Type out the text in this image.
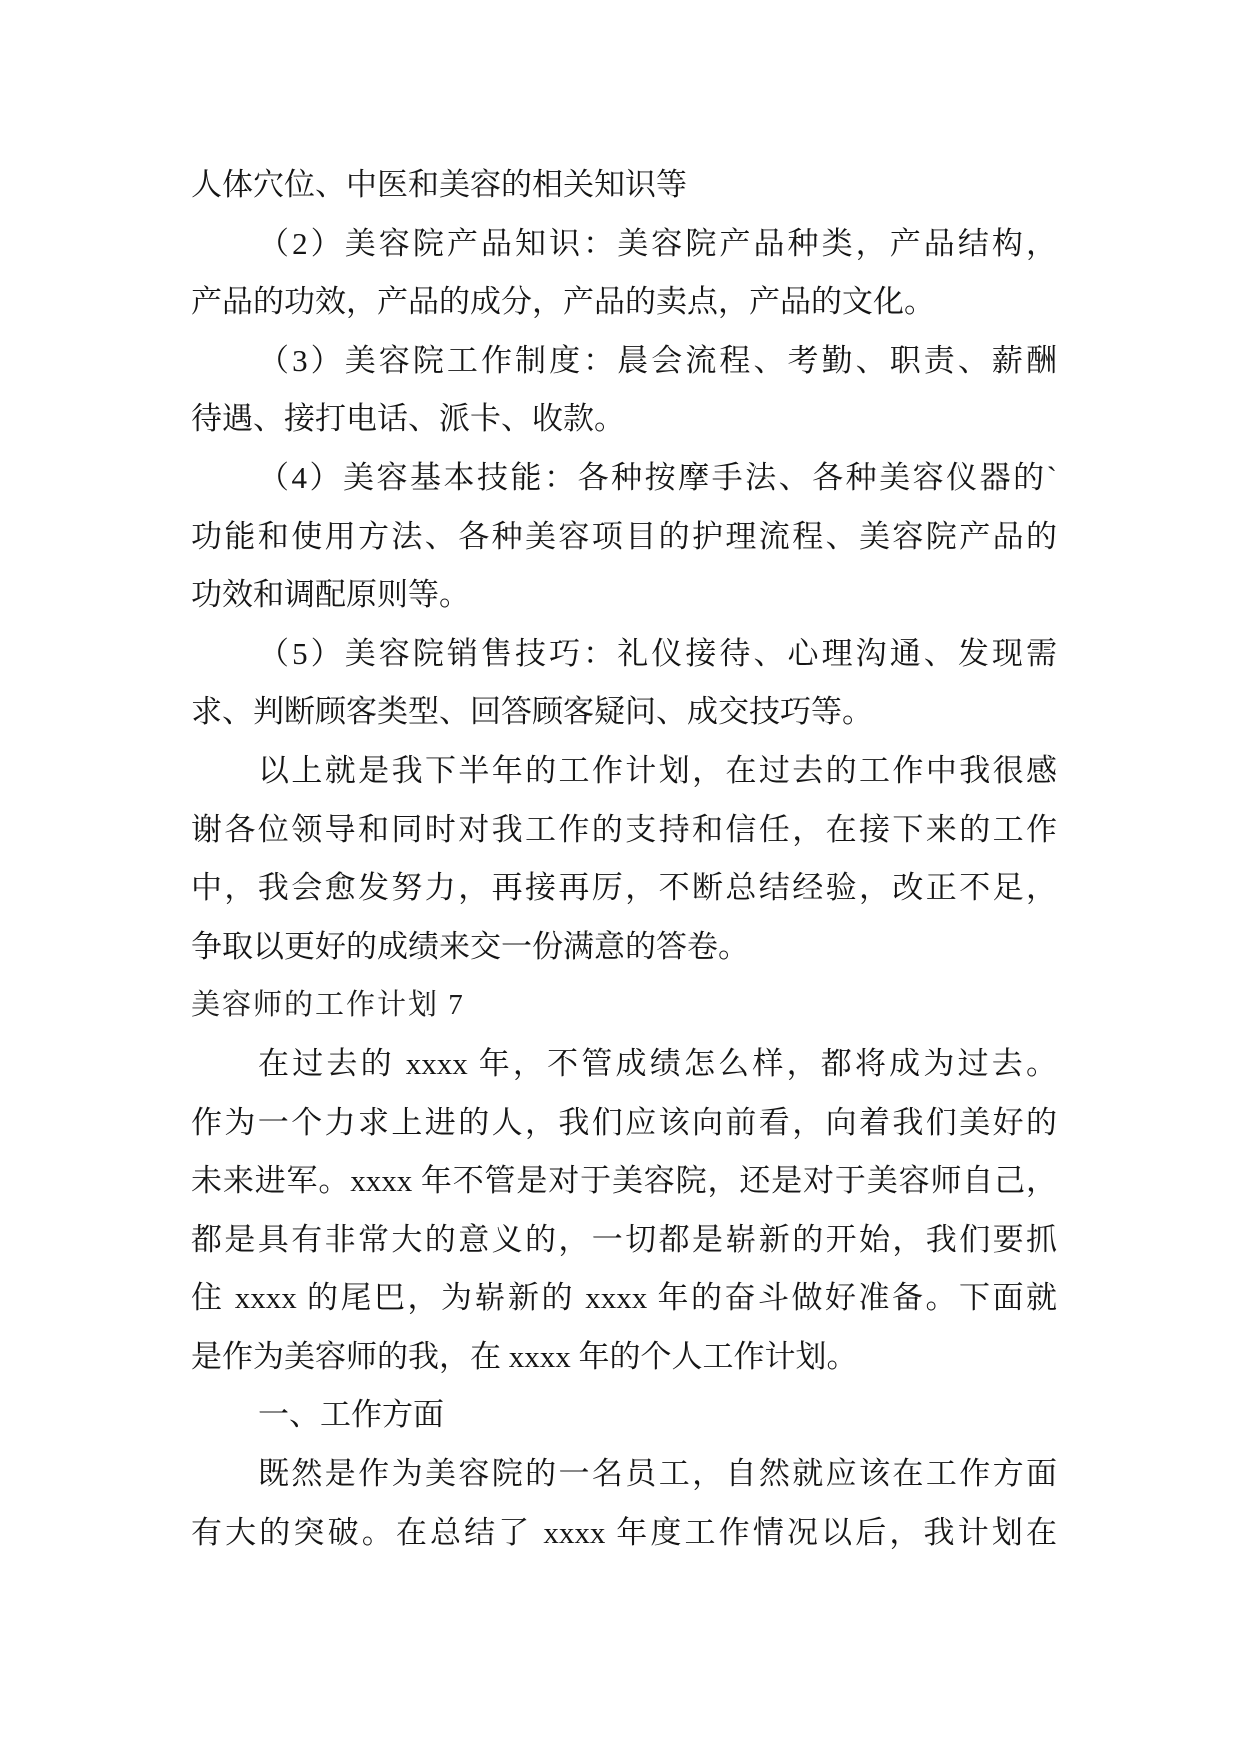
人体穴位、中医和美容的相关知识等
（2）美容院产品知识：美容院产品种类，产品结构，
产品的功效，产品的成分，产品的卖点，产品的文化。
（3）美容院工作制度：晨会流程、考勤、职责、薪酬
待遇、接打电话、派卡、收款。
（4）美容基本技能：各种按摩手法、各种美容仪器的`
功能和使用方法、各种美容项目的护理流程、美容院产品的
功效和调配原则等。
（5）美容院销售技巧：礼仪接待、心理沟通、发现需
求、判断顾客类型、回答顾客疑问、成交技巧等。
以上就是我下半年的工作计划，在过去的工作中我很感
谢各位领导和同时对我工作的支持和信任，在接下来的工作
中，我会愈发努力，再接再厉，不断总结经验，改正不足，
争取以更好的成绩来交一份满意的答卷。
美容师的工作计划 7
在过去的 xxxx 年，不管成绩怎么样，都将成为过去。
作为一个力求上进的人，我们应该向前看，向着我们美好的
未来进军。xxxx 年不管是对于美容院，还是对于美容师自己，
都是具有非常大的意义的，一切都是崭新的开始，我们要抓
住 xxxx 的尾巴，为崭新的 xxxx 年的奋斗做好准备。下面就
是作为美容师的我，在 xxxx 年的个人工作计划。
一、工作方面
既然是作为美容院的一名员工，自然就应该在工作方面
有大的突破。在总结了 xxxx 年度工作情况以后，我计划在
